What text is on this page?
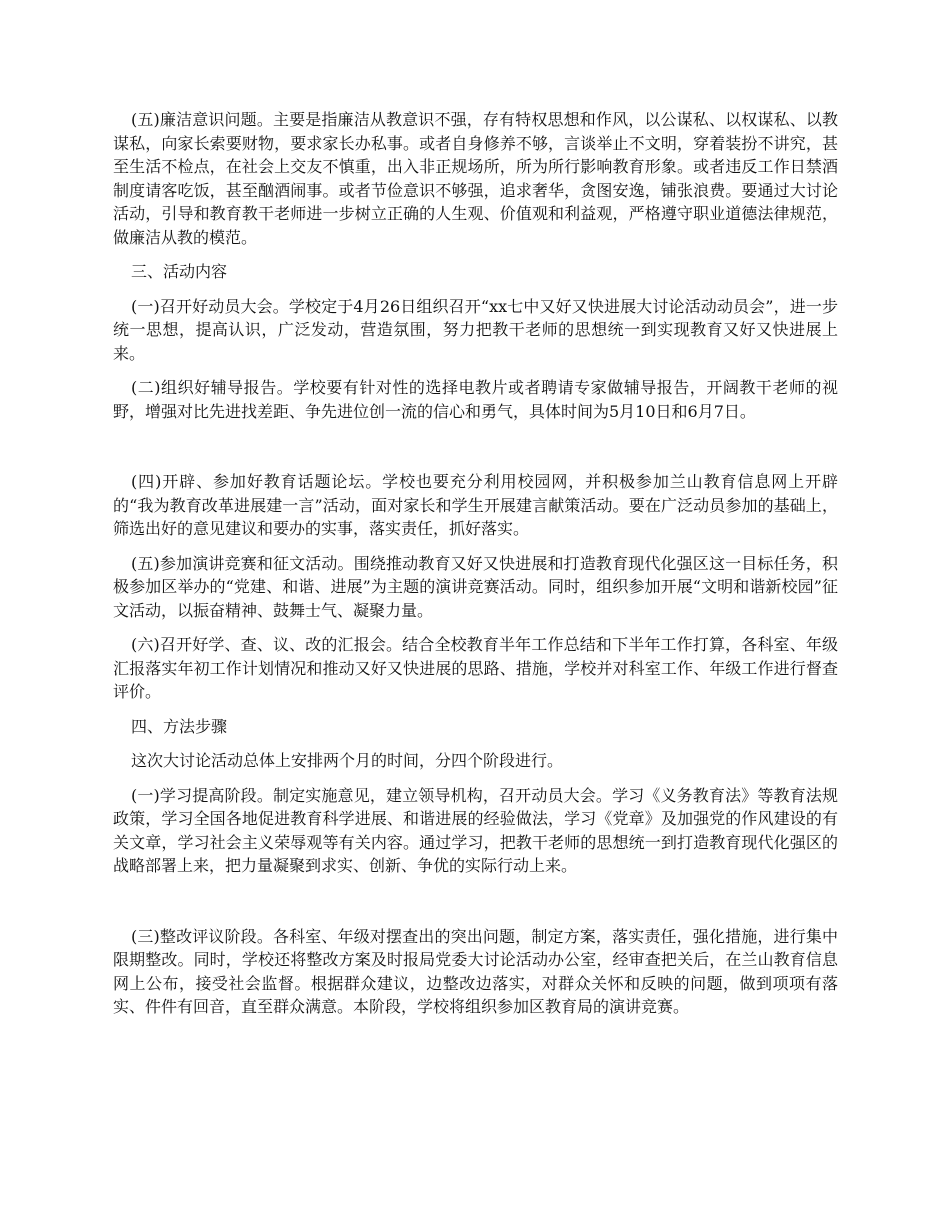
(五)廉洁意识问题。主要是指廉洁从教意识不强，存有特权思想和作风，以公谋私、以权谋私、以教谋私，向家长索要财物，要求家长办私事。或者自身修养不够，言谈举止不文明，穿着装扮不讲究，甚至生活不检点，在社会上交友不慎重，出入非正规场所，所为所行影响教育形象。或者违反工作日禁酒制度请客吃饭，甚至酗酒闹事。或者节俭意识不够强，追求奢华，贪图安逸，铺张浪费。要通过大讨论活动，引导和教育教干老师进一步树立正确的人生观、价值观和利益观，严格遵守职业道德法律规范，做廉洁从教的模范。

三、活动内容

(一)召开好动员大会。学校定于4月26日组织召开“xx七中又好又快进展大讨论活动动员会”，进一步统一思想，提高认识，广泛发动，营造氛围，努力把教干老师的思想统一到实现教育又好又快进展上来。

(二)组织好辅导报告。学校要有针对性的选择电教片或者聘请专家做辅导报告，开阔教干老师的视野，增强对比先进找差距、争先进位创一流的信心和勇气，具体时间为5月10日和6月7日。

(四)开辟、参加好教育话题论坛。学校也要充分利用校园网，并积极参加兰山教育信息网上开辟的“我为教育改革进展建一言”活动，面对家长和学生开展建言献策活动。要在广泛动员参加的基础上，筛选出好的意见建议和要办的实事，落实责任，抓好落实。

(五)参加演讲竞赛和征文活动。围绕推动教育又好又快进展和打造教育现代化强区这一目标任务，积极参加区举办的“党建、和谐、进展”为主题的演讲竞赛活动。同时，组织参加开展“文明和谐新校园”征文活动，以振奋精神、鼓舞士气、凝聚力量。

(六)召开好学、查、议、改的汇报会。结合全校教育半年工作总结和下半年工作打算，各科室、年级汇报落实年初工作计划情况和推动又好又快进展的思路、措施，学校并对科室工作、年级工作进行督查评价。

四、方法步骤

这次大讨论活动总体上安排两个月的时间，分四个阶段进行。

(一)学习提高阶段。制定实施意见，建立领导机构，召开动员大会。学习《义务教育法》等教育法规政策，学习全国各地促进教育科学进展、和谐进展的经验做法，学习《党章》及加强党的作风建设的有关文章，学习社会主义荣辱观等有关内容。通过学习，把教干老师的思想统一到打造教育现代化强区的战略部署上来，把力量凝聚到求实、创新、争优的实际行动上来。

(三)整改评议阶段。各科室、年级对摆查出的突出问题，制定方案，落实责任，强化措施，进行集中限期整改。同时，学校还将整改方案及时报局党委大讨论活动办公室，经审查把关后，在兰山教育信息网上公布，接受社会监督。根据群众建议，边整改边落实，对群众关怀和反映的问题，做到项项有落实、件件有回音，直至群众满意。本阶段，学校将组织参加区教育局的演讲竞赛。
